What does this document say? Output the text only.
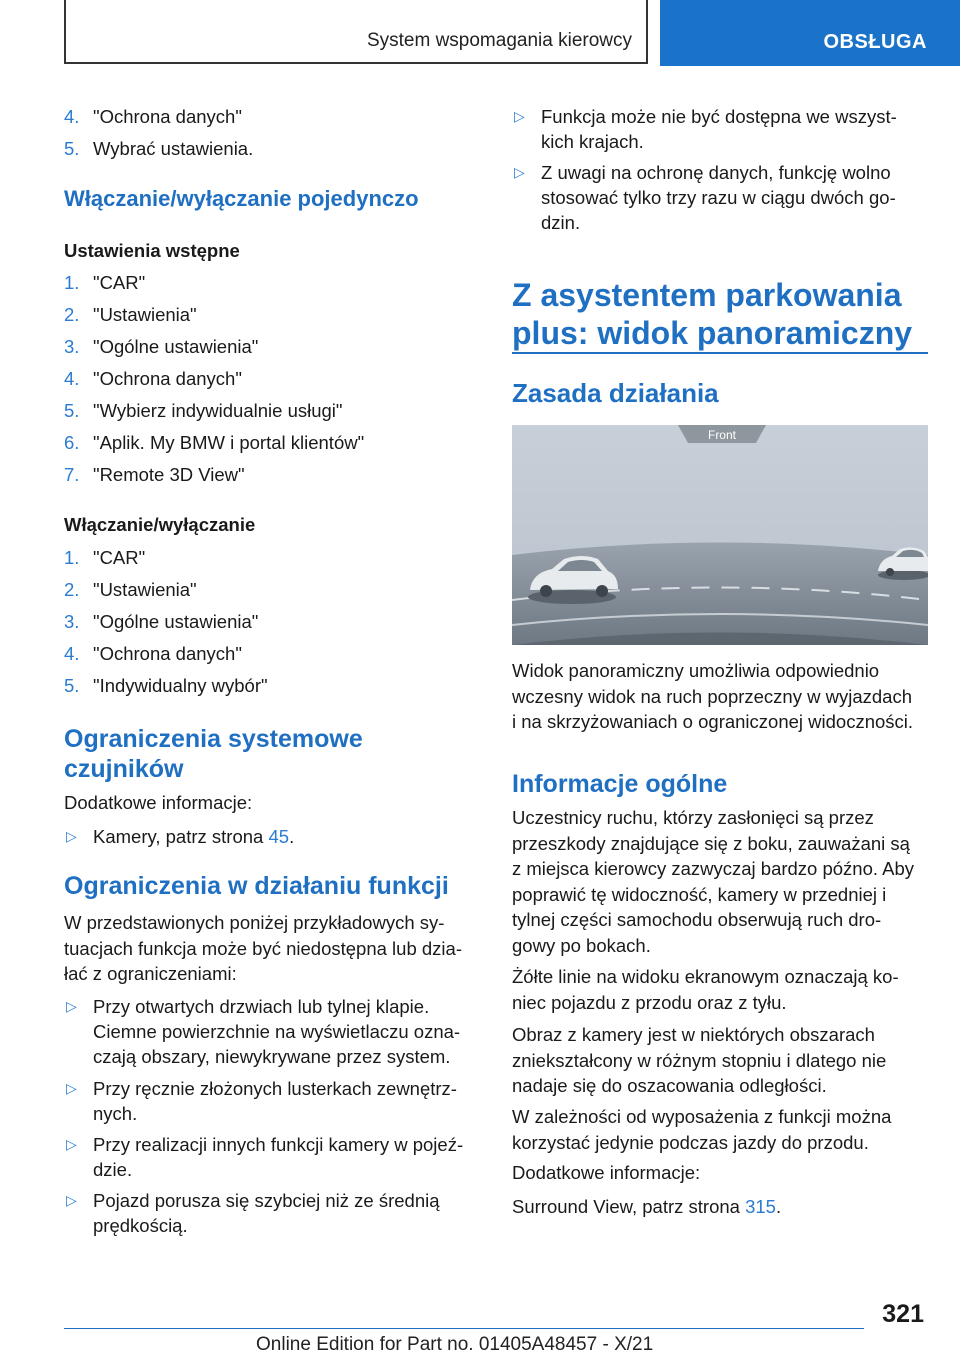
System wspomagania kierowcy	OBSŁUGA
4. "Ochrona danych"
5. Wybrać ustawienia.
Włączanie/wyłączanie pojedynczo
Ustawienia wstępne
1. "CAR"
2. "Ustawienia"
3. "Ogólne ustawienia"
4. "Ochrona danych"
5. "Wybierz indywidualnie usługi"
6. "Aplik. My BMW i portal klientów"
7. "Remote 3D View"
Włączanie/wyłączanie
1. "CAR"
2. "Ustawienia"
3. "Ogólne ustawienia"
4. "Ochrona danych"
5. "Indywidualny wybór"
Ograniczenia systemowe
czujników
Dodatkowe informacje:
▷ Kamery, patrz strona 45.
Ograniczenia w działaniu funkcji
W przedstawionych poniżej przykładowych sy-
tuacjach funkcja może być niedostępna lub dzia-
łać z ograniczeniami:
▷ Przy otwartych drzwiach lub tylnej klapie.
Ciemne powierzchnie na wyświetlaczu ozna-
czają obszary, niewykrywane przez system.
▷ Przy ręcznie złożonych lusterkach zewnętrz-
nych.
▷ Przy realizacji innych funkcji kamery w pojeź-
dzie.
▷ Pojazd porusza się szybciej niż ze średnią
prędkością.
▷ Funkcja może nie być dostępna we wszyst-
kich krajach.
▷ Z uwagi na ochronę danych, funkcję wolno
stosować tylko trzy razu w ciągu dwóch go-
dzin.
Z asystentem parkowania
plus: widok panoramiczny
Zasada działania
Front
Widok panoramiczny umożliwia odpowiednio
wczesny widok na ruch poprzeczny w wyjazdach
i na skrzyżowaniach o ograniczonej widoczności.
Informacje ogólne
Uczestnicy ruchu, którzy zasłonięci są przez
przeszkody znajdujące się z boku, zauważani są
z miejsca kierowcy zazwyczaj bardzo późno. Aby
poprawić tę widoczność, kamery w przedniej i
tylnej części samochodu obserwują ruch dro-
gowy po bokach.
Żółte linie na widoku ekranowym oznaczają ko-
niec pojazdu z przodu oraz z tyłu.
Obraz z kamery jest w niektórych obszarach
zniekształcony w różnym stopniu i dlatego nie
nadaje się do oszacowania odległości.
W zależności od wyposażenia z funkcji można
korzystać jedynie podczas jazdy do przodu.
Dodatkowe informacje:
Surround View, patrz strona 315.
321
Online Edition for Part no. 01405A48457 - X/21
